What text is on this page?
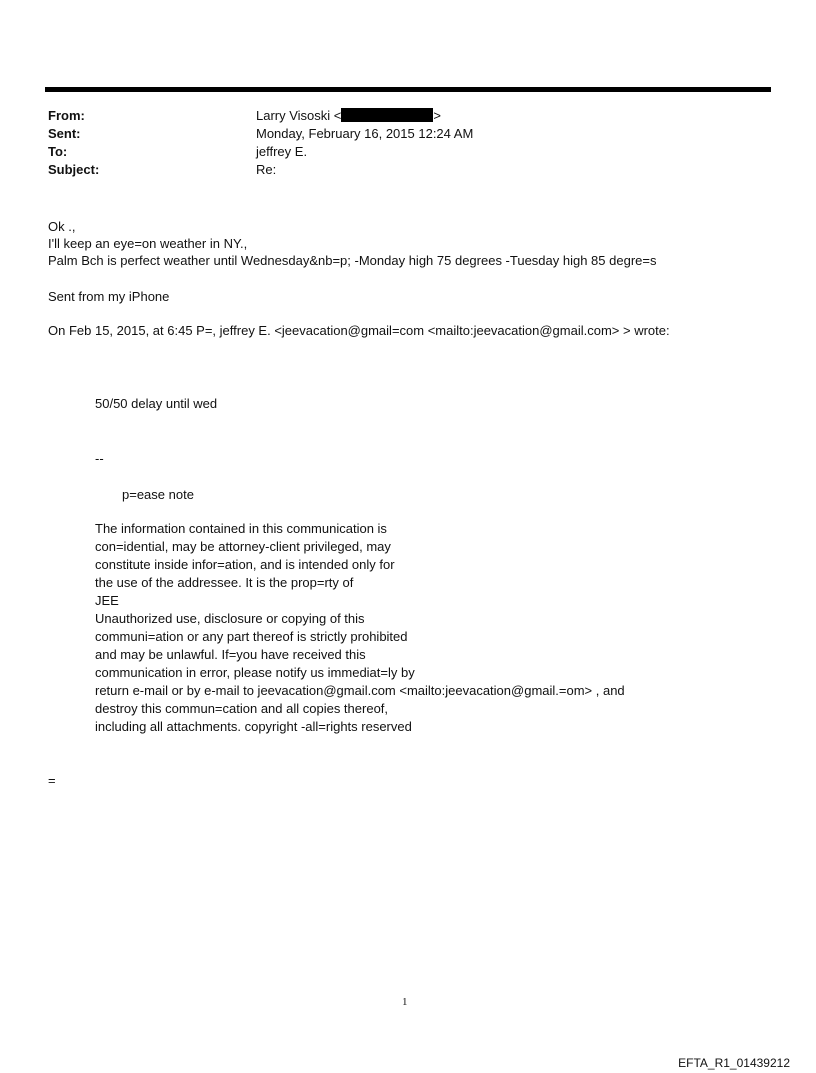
From:	Larry Visoski <	>
Sent:	Monday, February 16, 2015 12:24 AM
To:	jeffrey E.
Subject:	Re:
Ok .,
I'll keep an eye=on weather in NY.,
Palm Bch is perfect weather until Wednesday&nb=p; -Monday high 75 degrees -Tuesday high 85 degre=s
Sent from my iPhone
On Feb 15, 2015, at 6:45 P=, jeffrey E. <jeevacation@gmail=com <mailto:jeevacation@gmail.com> > wrote:
50/50 delay until wed
--
p=ease note
The information contained in this communication is
con=idential, may be attorney-client privileged, may
constitute inside infor=ation, and is intended only for
the use of the addressee. It is the prop=rty of
JEE
Unauthorized use, disclosure or copying of this
communi=ation or any part thereof is strictly prohibited
and may be unlawful. If=you have received this
communication in error, please notify us immediat=ly by
return e-mail or by e-mail to jeevacation@gmail.com <mailto:jeevacation@gmail.=om> , and
destroy this commun=cation and all copies thereof,
including all attachments. copyright -all=rights reserved
=
1
EFTA_R1_01439212
